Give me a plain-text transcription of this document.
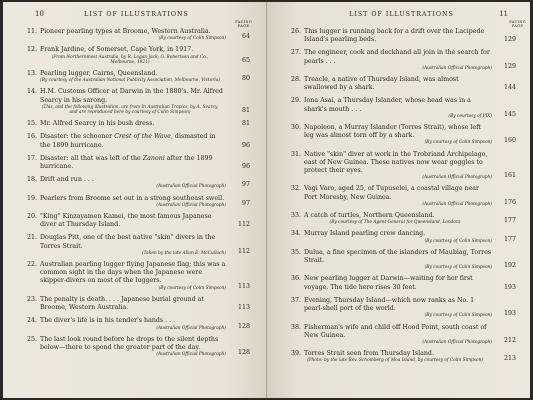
10	LIST OF ILLUSTRATIONS
FACING
PAGE
11. Pioneer pearling types at Broome, Western Australia.
(By courtesy of Colin Simpson)	64
12. Frank Jardine, of Somerset, Cape York, in 1917.
(From Northernmost Australia, by R. Logan Jack; G. Robertson and Co., Melbourne, 1921)	65
13. Pearling lugger, Cairns, Queensland.
(By courtesy of the Australian National Publicity Association, Melbourne, Victoria)	80
14. H.M. Customs Officer at Darwin in the 1880's. Mr. Alfred Searcy in his sarong.
(This, and the following illustration, are from In Australian Tropics, by A. Searcy, and are reproduced here by courtesy of Colin Simpson)	81
15. Mr. Alfred Searcy in his bush dress.	81
16. Disaster: the schooner Crest of the Wave, dismasted in the 1899 hurricane.	96
17. Disaster: all that was left of the Zanoni after the 1899 hurricane.	96
18. Drift and run . . .
(Australian Official Photograph)	97
19. Pearlers from Broome set out in a strong southeast swell.
(Australian Official Photograph)	97
20. "King" Kinzayamen Kamei, the most famous Japanese diver at Thursday Island.	112
21. Douglas Pitt, one of the best native "skin" divers in the Torres Strait.
(Taken by the late Allan E. McCulloch)	112
22. Australian pearling lugger flying Japanese flag; this was a common sight in the days when the Japanese were skipper-divers on most of the luggers.
(By courtesy of Colin Simpson)	113
23. The penalty is death. . . . Japanese burial ground at Broome, Western Australia.	113
24. The diver's life is in his tender's hands . . .
(Australian Official Photograph)	128
25. The last look round before he drops to the silent depths below—there to spend the greater part of the day.
(Australian Official Photograph)	128
LIST OF ILLUSTRATIONS	11
FACING
PAGE
26. This lugger is running back for a drift over the Lacipede Island's pearling beds.	129
27. The engineer, cook and deckhand all join in the search for pearls . . .
(Australian Official Photograph)	129
28. Treacle, a native of Thursday Island, was almost swallowed by a shark.	144
29. Iona Asai, a Thursday Islander, whose head was in a shark's mouth . . .
(By courtesy of PIX)	145
30. Napoleon, a Murray Islander (Torres Strait), whose left leg was almost torn off by a shark.
(By courtesy of Colin Simpson)	160
31. Native "skin" diver at work in the Trobriand Archipelago, east of New Guinea. These natives now wear goggles to protect their eyes.
(Australian Official Photograph)	161
32. Vagi Varo, aged 25, of Tupuselei, a coastal village near Port Moresby, New Guinea.
(Australian Official Photograph)	176
33. A catch of turtles, Northern Queensland.
(By courtesy of The Agent-General for Queensland, London)	177
34. Murray Island pearling crew dancing.
(By courtesy of Colin Simpson)	177
35. Dulua, a fine specimen of the islanders of Maubiag, Torres Strait.
(By courtesy of Colin Simpson)	192
36. New pearling lugger at Darwin—waiting for her first voyage. The tide here rises 30 feet.	193
37. Evening, Thursday Island—which now ranks as No. 1 pearl-shell port of the world.
(By courtesy of Colin Simpson)	193
38. Fisherman's wife and child off Hood Point, south coast of New Guinea.
(Australian Official Photograph)	212
39. Torres Strait seen from Thursday Island.
(Photo: by the late Rev. Schomberg of Moa Island, by courtesy of Colin Simpson)	213
